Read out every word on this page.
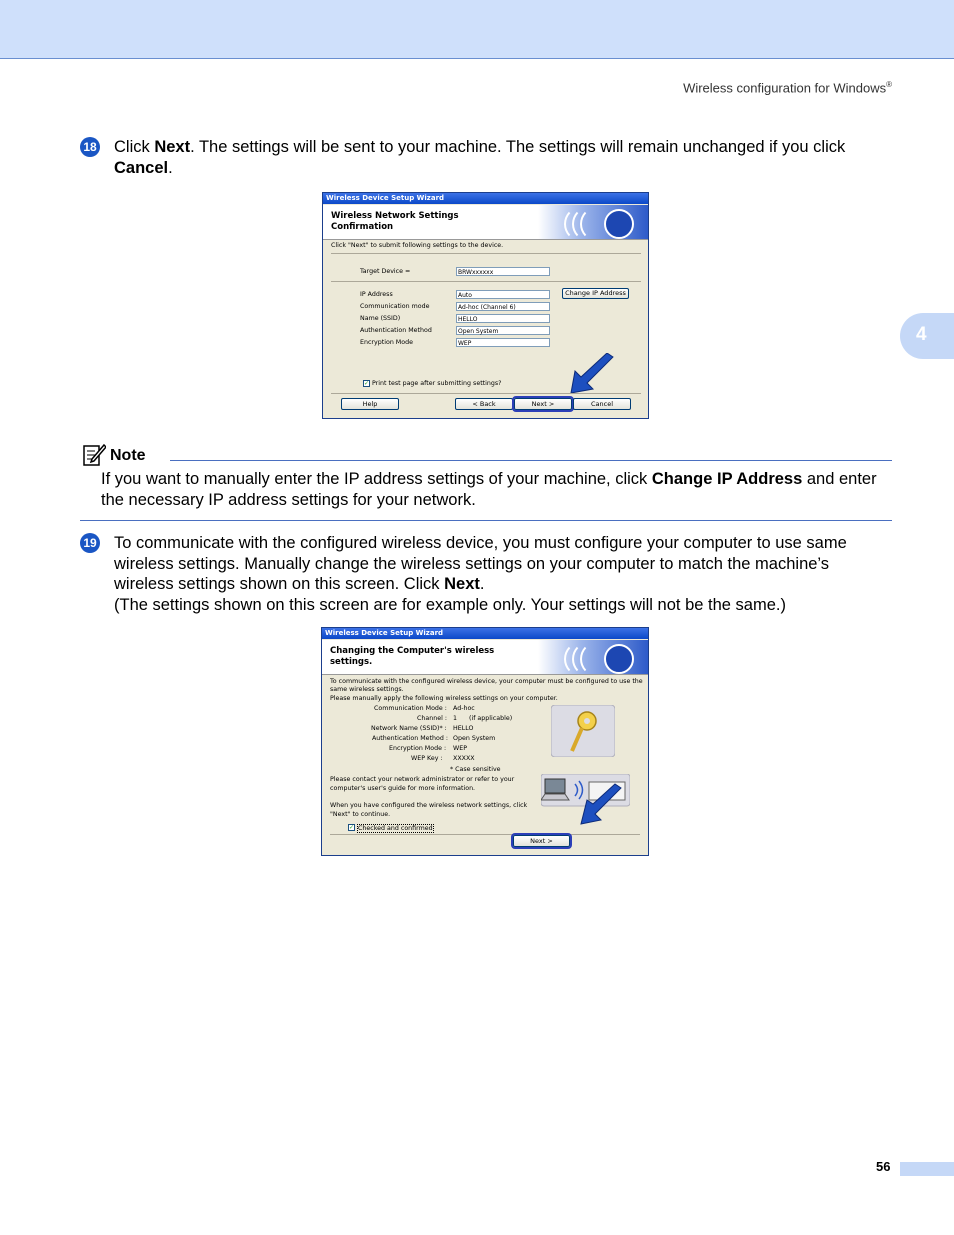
Wireless configuration for Windows®
4
18 Click Next. The settings will be sent to your machine. The settings will remain unchanged if you click Cancel.
Wireless Device Setup Wizard
Wireless Network Settings
Confirmation
Click "Next" to submit following settings to the device.
Target Device =	BRWxxxxxx
IP Address	Auto
Communication mode	Ad-hoc (Channel 6)
Name (SSID)	HELLO
Authentication Method	Open System
Encryption Mode	WEP
Change IP Address
✓ Print test page after submitting settings?
Help	< Back	Next >	Cancel
Note
If you want to manually enter the IP address settings of your machine, click Change IP Address and enter the necessary IP address settings for your network.
19 To communicate with the configured wireless device, you must configure your computer to use same wireless settings. Manually change the wireless settings on your computer to match the machine’s wireless settings shown on this screen. Click Next.
(The settings shown on this screen are for example only. Your settings will not be the same.)
Wireless Device Setup Wizard
Changing the Computer's wireless
settings.
To communicate with the configured wireless device, your computer must be configured to use the
same wireless settings.
Please manually apply the following wireless settings on your computer.
Communication Mode : Ad-hoc
Channel : 1 (if applicable)
Network Name (SSID)* : HELLO
Authentication Method : Open System
Encryption Mode : WEP
WEP Key : XXXXX
* Case sensitive
Please contact your network administrator or refer to your
computer's user's guide for more information.
When you have configured the wireless network settings, click
"Next" to continue.
✓ Checked and confirmed
Next >
56
